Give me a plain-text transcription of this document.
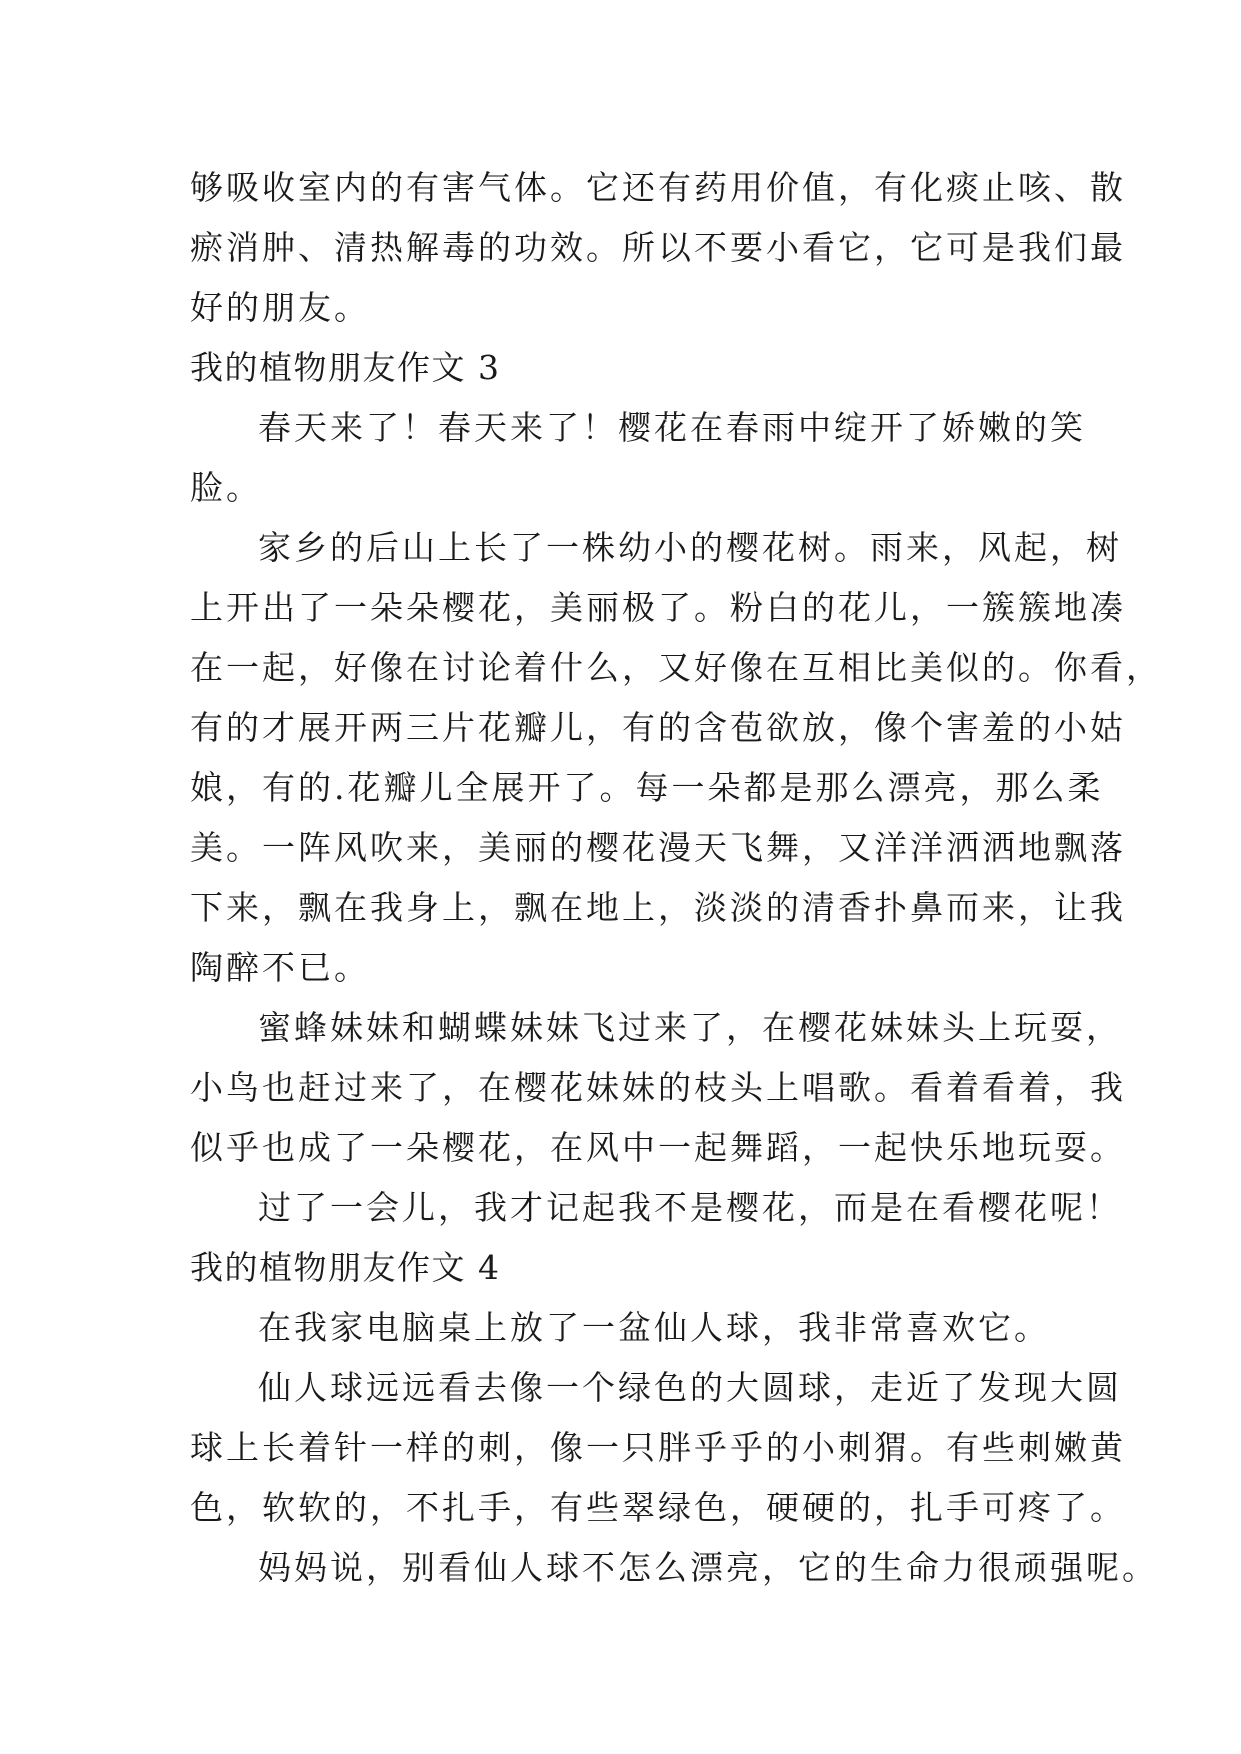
够吸收室内的有害气体。它还有药用价值，有化痰止咳、散
瘀消肿、清热解毒的功效。所以不要小看它，它可是我们最
好的朋友。
我的植物朋友作文 3
春天来了！春天来了！樱花在春雨中绽开了娇嫩的笑
脸。
家乡的后山上长了一株幼小的樱花树。雨来，风起，树
上开出了一朵朵樱花，美丽极了。粉白的花儿，一簇簇地凑
在一起，好像在讨论着什么，又好像在互相比美似的。你看，
有的才展开两三片花瓣儿，有的含苞欲放，像个害羞的小姑
娘，有的.花瓣儿全展开了。每一朵都是那么漂亮，那么柔
美。一阵风吹来，美丽的樱花漫天飞舞，又洋洋洒洒地飘落
下来，飘在我身上，飘在地上，淡淡的清香扑鼻而来，让我
陶醉不已。
蜜蜂妹妹和蝴蝶妹妹飞过来了，在樱花妹妹头上玩耍，
小鸟也赶过来了，在樱花妹妹的枝头上唱歌。看着看着，我
似乎也成了一朵樱花，在风中一起舞蹈，一起快乐地玩耍。
过了一会儿，我才记起我不是樱花，而是在看樱花呢！
我的植物朋友作文 4
在我家电脑桌上放了一盆仙人球，我非常喜欢它。
仙人球远远看去像一个绿色的大圆球，走近了发现大圆
球上长着针一样的刺，像一只胖乎乎的小刺猬。有些刺嫩黄
色，软软的，不扎手，有些翠绿色，硬硬的，扎手可疼了。
妈妈说，别看仙人球不怎么漂亮，它的生命力很顽强呢。
